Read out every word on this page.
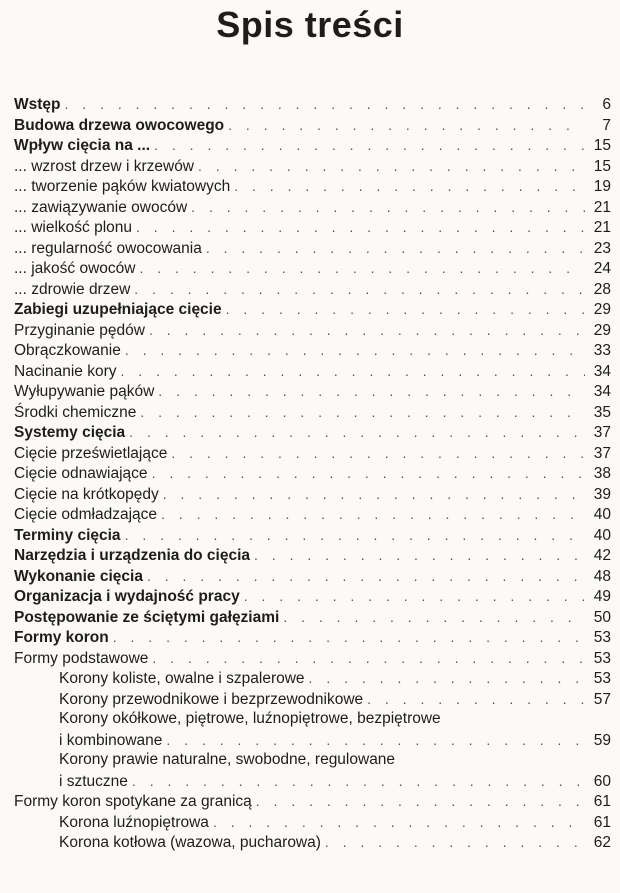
Spis treści
Wstęp . . .	6
Budowa drzewa owocowego . . .	7
Wpływ cięcia na ... . . .	15
... wzrost drzew i krzewów . . .	15
... tworzenie pąków kwiatowych . . .	19
... zawiązywanie owoców . . .	21
... wielkość plonu . . .	21
... regularność owocowania . . .	23
... jakość owoców . . .	24
... zdrowie drzew . . .	28
Zabiegi uzupełniające cięcie . . .	29
Przyginanie pędów . . .	29
Obrączkowanie . . .	33
Nacinanie kory . . .	34
Wyłupywanie pąków . . .	34
Środki chemiczne . . .	35
Systemy cięcia . . .	37
Cięcie prześwietlające . . .	37
Cięcie odnawiające . . .	38
Cięcie na krótkopędy . . .	39
Cięcie odmładzające . . .	40
Terminy cięcia . . .	40
Narzędzia i urządzenia do cięcia . . .	42
Wykonanie cięcia . . .	48
Organizacja i wydajność pracy . . .	49
Postępowanie ze ściętymi gałęziami . . .	50
Formy koron . . .	53
Formy podstawowe . . .	53
Korony koliste, owalne i szpalerowe . . .	53
Korony przewodnikowe i bezprzewodnikowe . . .	57
Korony okółkowe, piętrowe, luźnopiętrowe, bezpiętrowe
i kombinowane . . .	59
Korony prawie naturalne, swobodne, regulowane
i sztuczne . . .	60
Formy koron spotykane za granicą . . .	61
Korona luźnopiętrowa . . .	61
Korona kotłowa (wazowa, pucharowa) . . .	62
